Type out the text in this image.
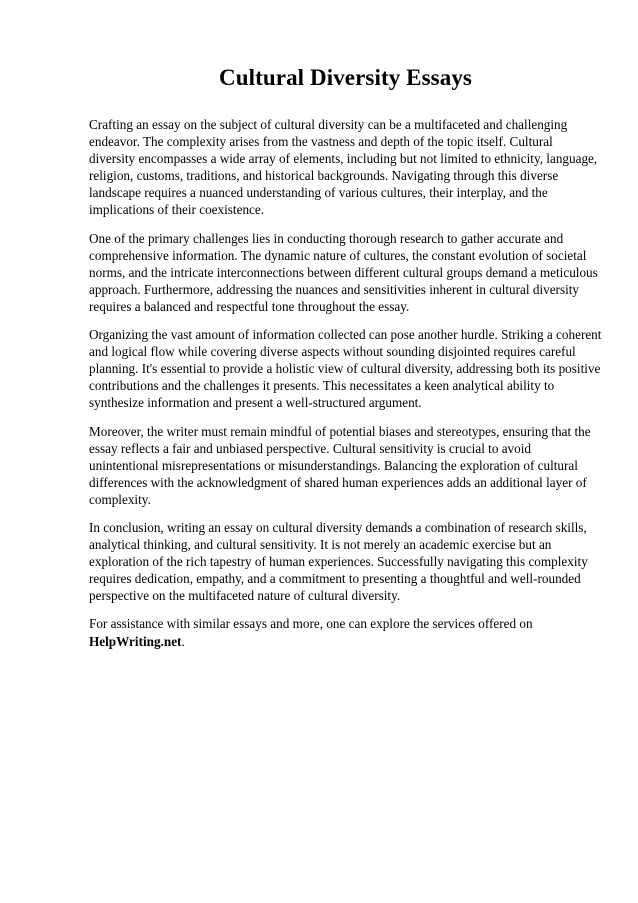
Cultural Diversity Essays

Crafting an essay on the subject of cultural diversity can be a multifaceted and challenging endeavor. The complexity arises from the vastness and depth of the topic itself. Cultural diversity encompasses a wide array of elements, including but not limited to ethnicity, language, religion, customs, traditions, and historical backgrounds. Navigating through this diverse landscape requires a nuanced understanding of various cultures, their interplay, and the implications of their coexistence.

One of the primary challenges lies in conducting thorough research to gather accurate and comprehensive information. The dynamic nature of cultures, the constant evolution of societal norms, and the intricate interconnections between different cultural groups demand a meticulous approach. Furthermore, addressing the nuances and sensitivities inherent in cultural diversity requires a balanced and respectful tone throughout the essay.

Organizing the vast amount of information collected can pose another hurdle. Striking a coherent and logical flow while covering diverse aspects without sounding disjointed requires careful planning. It's essential to provide a holistic view of cultural diversity, addressing both its positive contributions and the challenges it presents. This necessitates a keen analytical ability to synthesize information and present a well-structured argument.

Moreover, the writer must remain mindful of potential biases and stereotypes, ensuring that the essay reflects a fair and unbiased perspective. Cultural sensitivity is crucial to avoid unintentional misrepresentations or misunderstandings. Balancing the exploration of cultural differences with the acknowledgment of shared human experiences adds an additional layer of complexity.

In conclusion, writing an essay on cultural diversity demands a combination of research skills, analytical thinking, and cultural sensitivity. It is not merely an academic exercise but an exploration of the rich tapestry of human experiences. Successfully navigating this complexity requires dedication, empathy, and a commitment to presenting a thoughtful and well-rounded perspective on the multifaceted nature of cultural diversity.

For assistance with similar essays and more, one can explore the services offered on
HelpWriting.net.
